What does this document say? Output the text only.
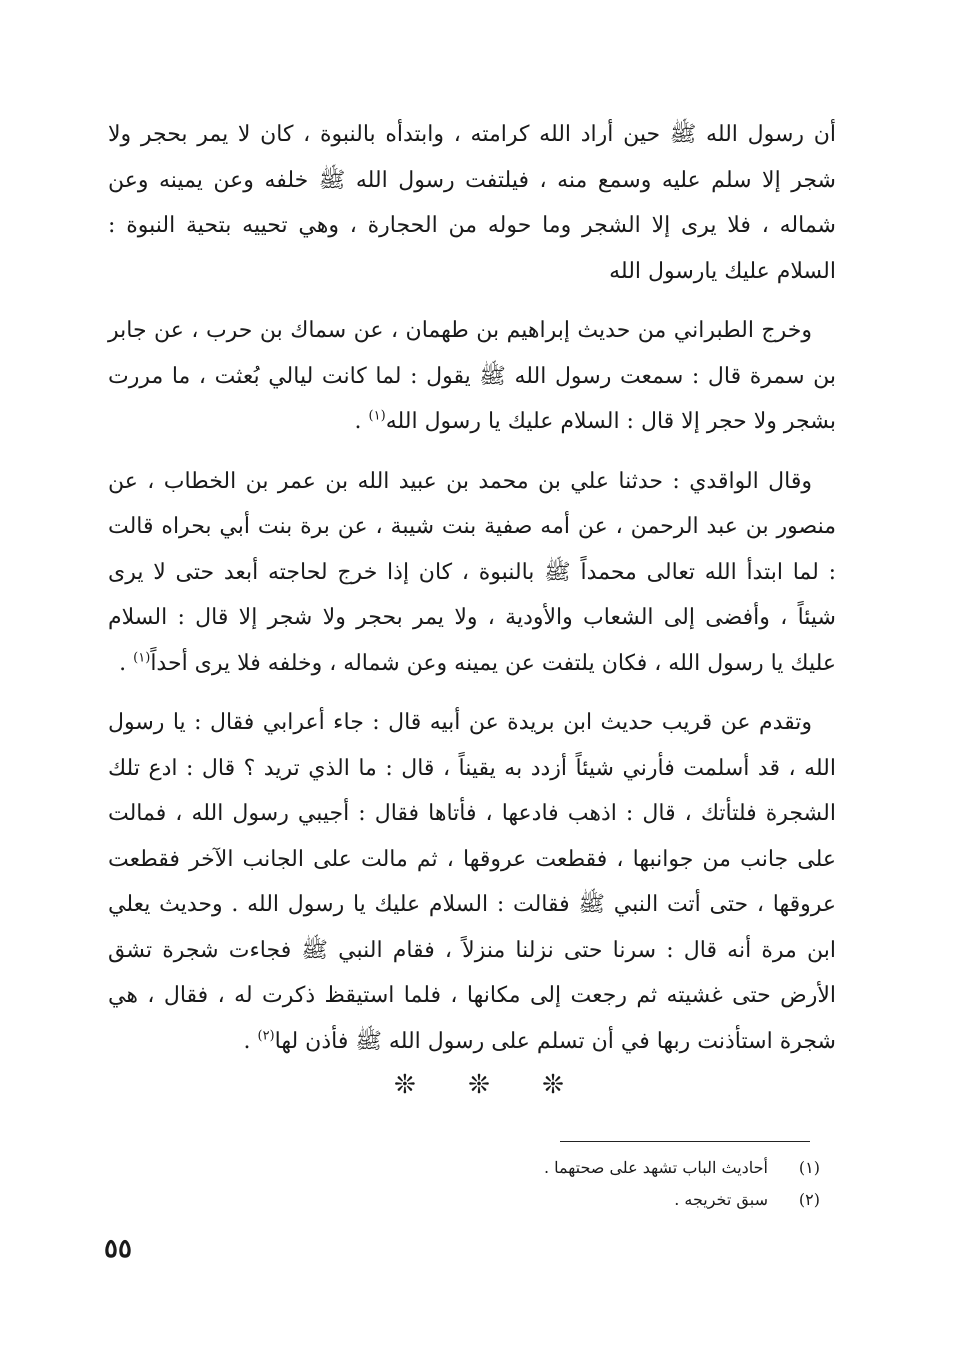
أن رسول الله ﷺ حين أراد الله كرامته ، وابتدأه بالنبوة ، كان لا يمر بحجر ولا شجر إلا سلم عليه وسمع منه ، فيلتفت رسول الله ﷺ خلفه وعن يمينه وعن شماله ، فلا يرى إلا الشجر وما حوله من الحجارة ، وهي تحييه بتحية النبوة : السلام عليك يارسول الله

وخرج الطبراني من حديث إبراهيم بن طهمان ، عن سماك بن حرب ، عن جابر بن سمرة قال : سمعت رسول الله ﷺ يقول : لما كانت ليالي بُعثت ، ما مررت بشجر ولا حجر إلا قال : السلام عليك يا رسول الله$^{(١)}$ .

وقال الواقدي : حدثنا علي بن محمد بن عبيد الله بن عمر بن الخطاب ، عن منصور بن عبد الرحمن ، عن أمه صفية بنت شيبة ، عن برة بنت أبي بحراه قالت : لما ابتدأ الله تعالى محمداً ﷺ بالنبوة ، كان إذا خرج لحاجته أبعد حتى لا يرى شيئاً ، وأفضى إلى الشعاب والأودية ، ولا يمر بحجر ولا شجر إلا قال : السلام عليك يا رسول الله ، فكان يلتفت عن يمينه وعن شماله ، وخلفه فلا يرى أحداً$^{(١)}$ .

وتقدم عن قريب حديث ابن بريدة عن أبيه قال : جاء أعرابي فقال : يا رسول الله ، قد أسلمت فأرني شيئاً أزدد به يقيناً ، قال : ما الذي تريد ؟ قال : ادع تلك الشجرة فلتأتك ، قال : اذهب فادعها ، فأتاها فقال : أجيبي رسول الله ، فمالت على جانب من جوانبها ، فقطعت عروقها ، ثم مالت على الجانب الآخر فقطعت عروقها ، حتى أتت النبي ﷺ فقالت : السلام عليك يا رسول الله . وحديث يعلي ابن مرة أنه قال : سرنا حتى نزلنا منزلاً ، فقام النبي ﷺ فجاءت شجرة تشق الأرض حتى غشيته ثم رجعت إلى مكانها ، فلما استيقظ ذكرت له ، فقال ، هي شجرة استأذنت ربها في أن تسلم على رسول الله ﷺ فأذن لها$^{(٢)}$ .

❊ ❊ ❊
(١)
أحاديث الباب تشهد على صحتهما .
(٢)
سبق تخريجه .
٥٥
